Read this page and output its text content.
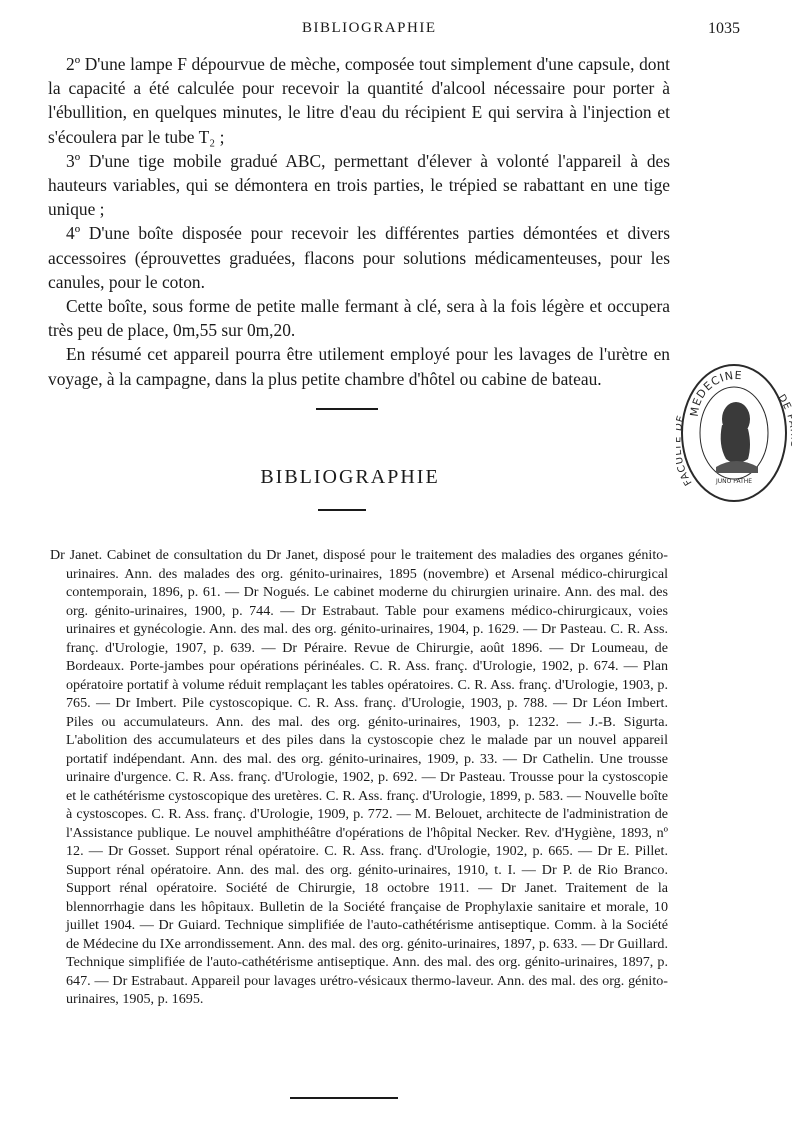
BIBLIOGRAPHIE	1035

2º D'une lampe F dépourvue de mèche, composée tout simplement d'une capsule, dont la capacité a été calculée pour recevoir la quantité d'alcool nécessaire pour porter à l'ébullition, en quelques minutes, le litre d'eau du récipient E qui servira à l'injection et s'écoulera par le tube T₂ ;

3º D'une tige mobile gradué ABC, permettant d'élever à volonté l'appareil à des hauteurs variables, qui se démontera en trois parties, le trépied se rabattant en une tige unique ;

4º D'une boîte disposée pour recevoir les différentes parties démontées et divers accessoires (éprouvettes graduées, flacons pour solutions médicamenteuses, pour les canules, pour le coton.

Cette boîte, sous forme de petite malle fermant à clé, sera à la fois légère et occupera très peu de place, 0m,55 sur 0m,20.

En résumé cet appareil pourra être utilement employé pour les lavages de l'urètre en voyage, à la campagne, dans la plus petite chambre d'hôtel ou cabine de bateau.

BIBLIOGRAPHIE

Dr Janet. Cabinet de consultation du Dr Janet, disposé pour le traitement des maladies des organes génito-urinaires. Ann. des malades des org. génito-urinaires, 1895 (novembre) et Arsenal médico-chirurgical contemporain, 1896, p. 61. — Dr Nogués. Le cabinet moderne du chirurgien urinaire. Ann. des mal. des org. génito-urinaires, 1900, p. 744. — Dr Estrabaut. Table pour examens médico-chirurgicaux, voies urinaires et gynécologie. Ann. des mal. des org. génito-urinaires, 1904, p. 1629. — Dr Pasteau. C. R. Ass. franç. d'Urologie, 1907, p. 639. — Dr Péraire. Revue de Chirurgie, août 1896. — Dr Loumeau, de Bordeaux. Porte-jambes pour opérations périnéales. C. R. Ass. franç. d'Urologie, 1902, p. 674. — Plan opératoire portatif à volume réduit remplaçant les tables opératoires. C. R. Ass. franç. d'Urologie, 1903, p. 765. — Dr Imbert. Pile cystoscopique. C. R. Ass. franç. d'Urologie, 1903, p. 788. — Dr Léon Imbert. Piles ou accumulateurs. Ann. des mal. des org. génito-urinaires, 1903, p. 1232. — J.-B. Sigurta. L'abolition des accumulateurs et des piles dans la cystoscopie chez le malade par un nouvel appareil portatif indépendant. Ann. des mal. des org. génito-urinaires, 1909, p. 33. — Dr Cathelin. Une trousse urinaire d'urgence. C. R. Ass. franç. d'Urologie, 1902, p. 692. — Dr Pasteau. Trousse pour la cystoscopie et le cathétérisme cystoscopique des uretères. C. R. Ass. franç. d'Urologie, 1899, p. 583. — Nouvelle boîte à cystoscopes. C. R. Ass. franç. d'Urologie, 1909, p. 772. — M. Belouet, architecte de l'administration de l'Assistance publique. Le nouvel amphithéâtre d'opérations de l'hôpital Necker. Rev. d'Hygiène, 1893, nº 12. — Dr Gosset. Support rénal opératoire. C. R. Ass. franç. d'Urologie, 1902, p. 665. — Dr E. Pillet. Support rénal opératoire. Ann. des mal. des org. génito-urinaires, 1910, t. I. — Dr P. de Rio Branco. Support rénal opératoire. Société de Chirurgie, 18 octobre 1911. — Dr Janet. Traitement de la blennorrhagie dans les hôpitaux. Bulletin de la Société française de Prophylaxie sanitaire et morale, 10 juillet 1904. — Dr Guiard. Technique simplifiée de l'auto-cathétérisme antiseptique. Comm. à la Société de Médecine du IXe arrondissement. Ann. des mal. des org. génito-urinaires, 1897, p. 633. — Dr Guillard. Technique simplifiée de l'auto-cathétérisme antiseptique. Ann. des mal. des org. génito-urinaires, 1897, p. 647. — Dr Estrabaut. Appareil pour lavages urétro-vésicaux thermo-laveur. Ann. des mal. des org. génito-urinaires, 1905, p. 1695.

MEDECINE
FAC E
DE
JUNO PATHE
